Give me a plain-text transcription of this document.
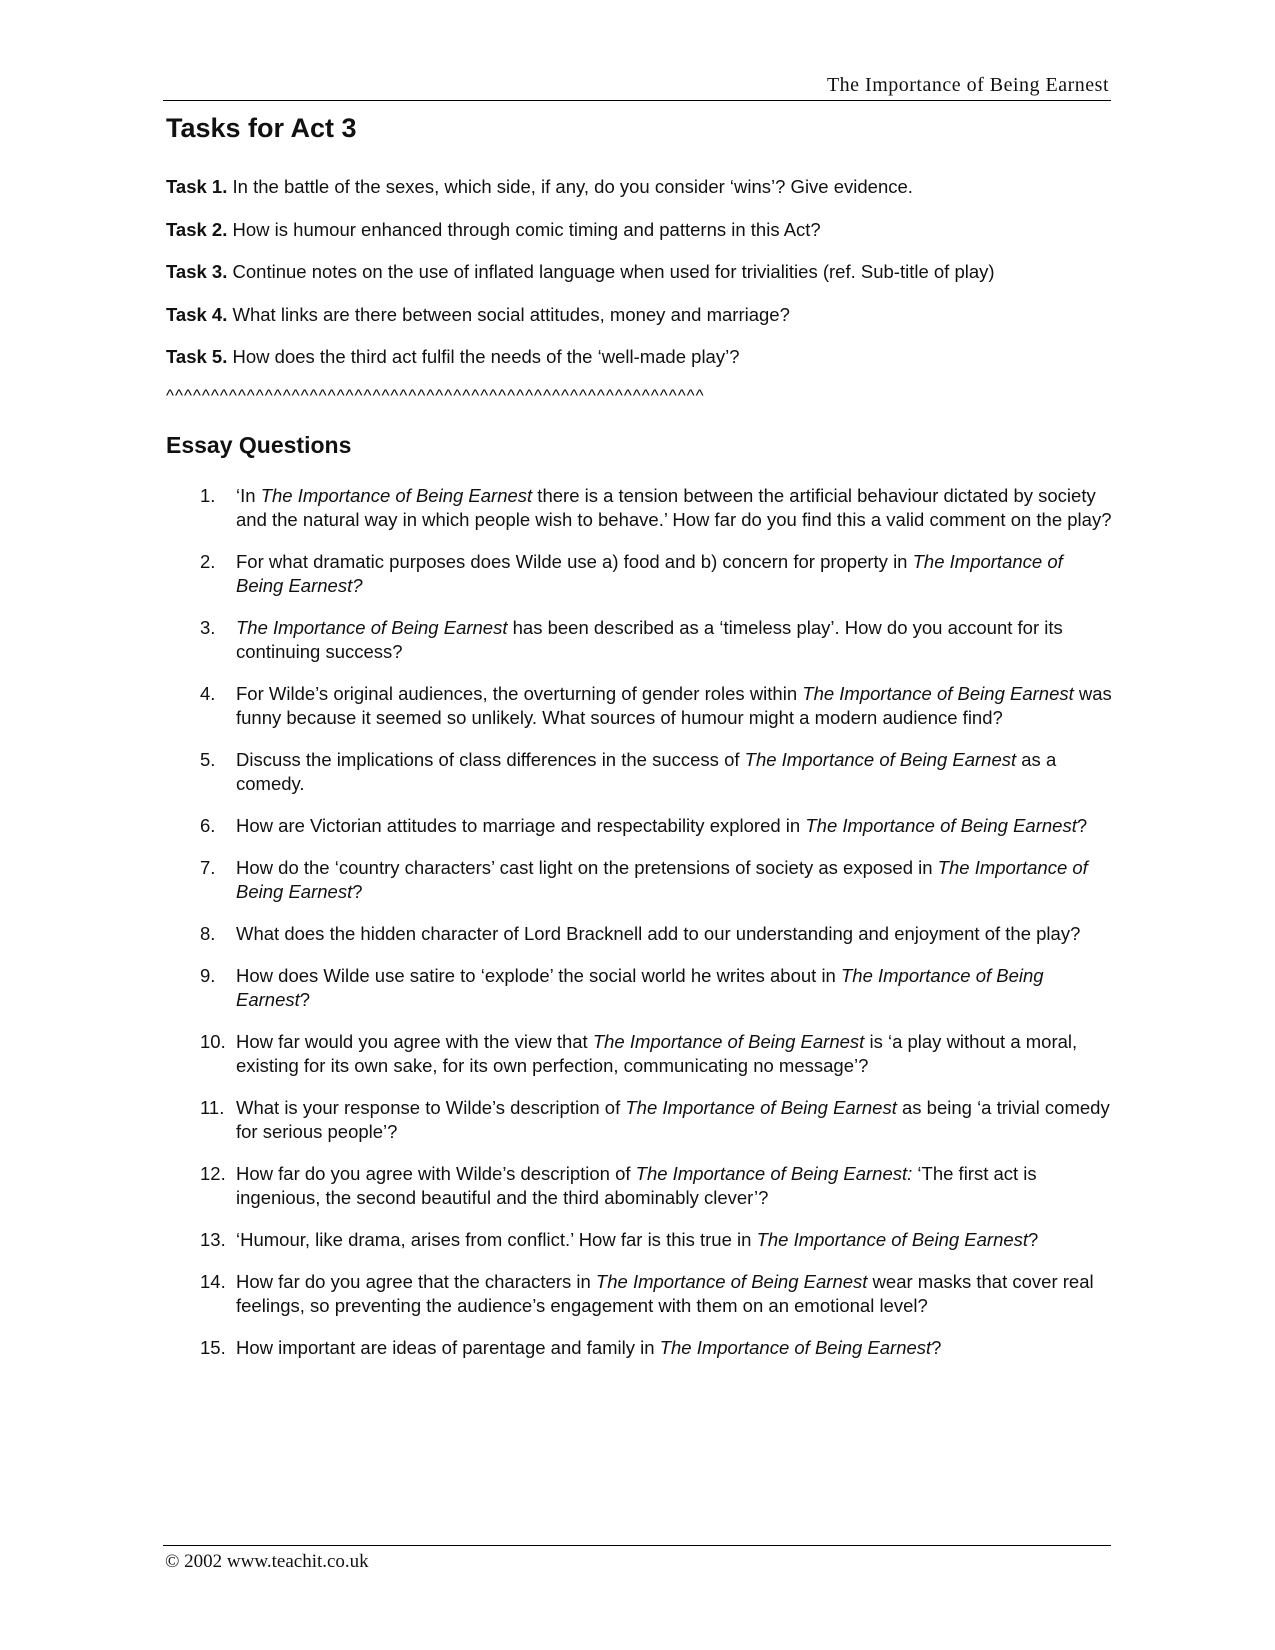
The Importance of Being Earnest
Tasks for Act 3
Task 1. In the battle of the sexes, which side, if any, do you consider ‘wins’? Give evidence.
Task 2. How is humour enhanced through comic timing and patterns in this Act?
Task 3. Continue notes on the use of inflated language when used for trivialities (ref. Sub-title of play)
Task 4. What links are there between social attitudes, money and marriage?
Task 5. How does the third act fulfil the needs of the ‘well-made play’?
^^^^^^^^^^^^^^^^^^^^^^^^^^^^^^^^^^^^^^^^^^^^^^^^^^^^^^^^^^^^
Essay Questions
1. ‘In The Importance of Being Earnest there is a tension between the artificial behaviour dictated by society and the natural way in which people wish to behave.’ How far do you find this a valid comment on the play?
2. For what dramatic purposes does Wilde use a) food and b) concern for property in The Importance of Being Earnest?
3. The Importance of Being Earnest has been described as a ‘timeless play’. How do you account for its continuing success?
4. For Wilde’s original audiences, the overturning of gender roles within The Importance of Being Earnest was funny because it seemed so unlikely. What sources of humour might a modern audience find?
5. Discuss the implications of class differences in the success of The Importance of Being Earnest as a comedy.
6. How are Victorian attitudes to marriage and respectability explored in The Importance of Being Earnest?
7. How do the ‘country characters’ cast light on the pretensions of society as exposed in The Importance of Being Earnest?
8. What does the hidden character of Lord Bracknell add to our understanding and enjoyment of the play?
9. How does Wilde use satire to ‘explode’ the social world he writes about in The Importance of Being Earnest?
10. How far would you agree with the view that The Importance of Being Earnest is ‘a play without a moral, existing for its own sake, for its own perfection, communicating no message’?
11. What is your response to Wilde’s description of The Importance of Being Earnest as being ‘a trivial comedy for serious people’?
12. How far do you agree with Wilde’s description of The Importance of Being Earnest: ‘The first act is ingenious, the second beautiful and the third abominably clever’?
13. ‘Humour, like drama, arises from conflict.’ How far is this true in The Importance of Being Earnest?
14. How far do you agree that the characters in The Importance of Being Earnest wear masks that cover real feelings, so preventing the audience’s engagement with them on an emotional level?
15. How important are ideas of parentage and family in The Importance of Being Earnest?
© 2002 www.teachit.co.uk
